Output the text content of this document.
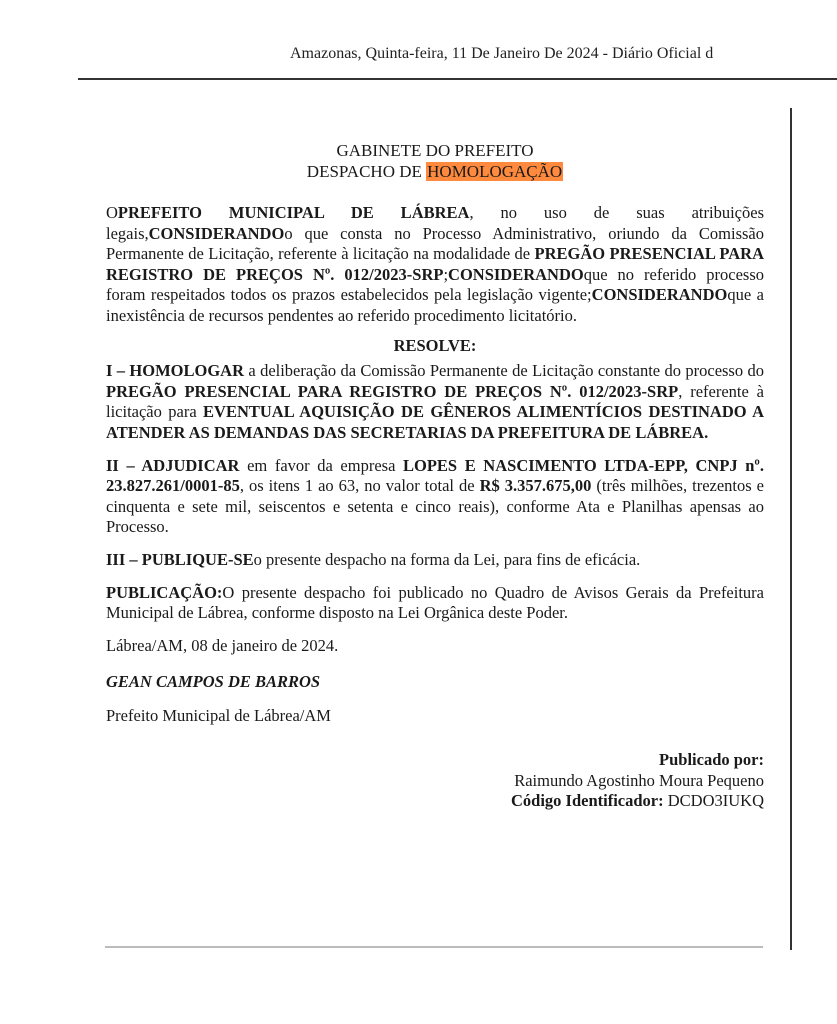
Amazonas, Quinta-feira, 11 De Janeiro De 2024 - Diário Oficial d
GABINETE DO PREFEITO
DESPACHO DE HOMOLOGAÇÃO

OPREFEITO MUNICIPAL DE LÁBREA, no uso de suas atribuições legais,CONSIDERANDOo que consta no Processo Administrativo, oriundo da Comissão Permanente de Licitação, referente à licitação na modalidade de PREGÃO PRESENCIAL PARA REGISTRO DE PREÇOS Nº. 012/2023-SRP;CONSIDERANDOque no referido processo foram respeitados todos os prazos estabelecidos pela legislação vigente;CONSIDERANDOque a inexistência de recursos pendentes ao referido procedimento licitatório.

RESOLVE:

I – HOMOLOGAR a deliberação da Comissão Permanente de Licitação constante do processo do PREGÃO PRESENCIAL PARA REGISTRO DE PREÇOS Nº. 012/2023-SRP, referente à licitação para EVENTUAL AQUISIÇÃO DE GÊNEROS ALIMENTÍCIOS DESTINADO A ATENDER AS DEMANDAS DAS SECRETARIAS DA PREFEITURA DE LÁBREA.

II – ADJUDICAR em favor da empresa LOPES E NASCIMENTO LTDA-EPP, CNPJ nº. 23.827.261/0001-85, os itens 1 ao 63, no valor total de R$ 3.357.675,00 (três milhões, trezentos e cinquenta e sete mil, seiscentos e setenta e cinco reais), conforme Ata e Planilhas apensas ao Processo.

III – PUBLIQUE-SEo presente despacho na forma da Lei, para fins de eficácia.

PUBLICAÇÃO:O presente despacho foi publicado no Quadro de Avisos Gerais da Prefeitura Municipal de Lábrea, conforme disposto na Lei Orgânica deste Poder.

Lábrea/AM, 08 de janeiro de 2024.
GEAN CAMPOS DE BARROS
Prefeito Municipal de Lábrea/AM
Publicado por:
Raimundo Agostinho Moura Pequeno
Código Identificador: DCDO3IUKQ
